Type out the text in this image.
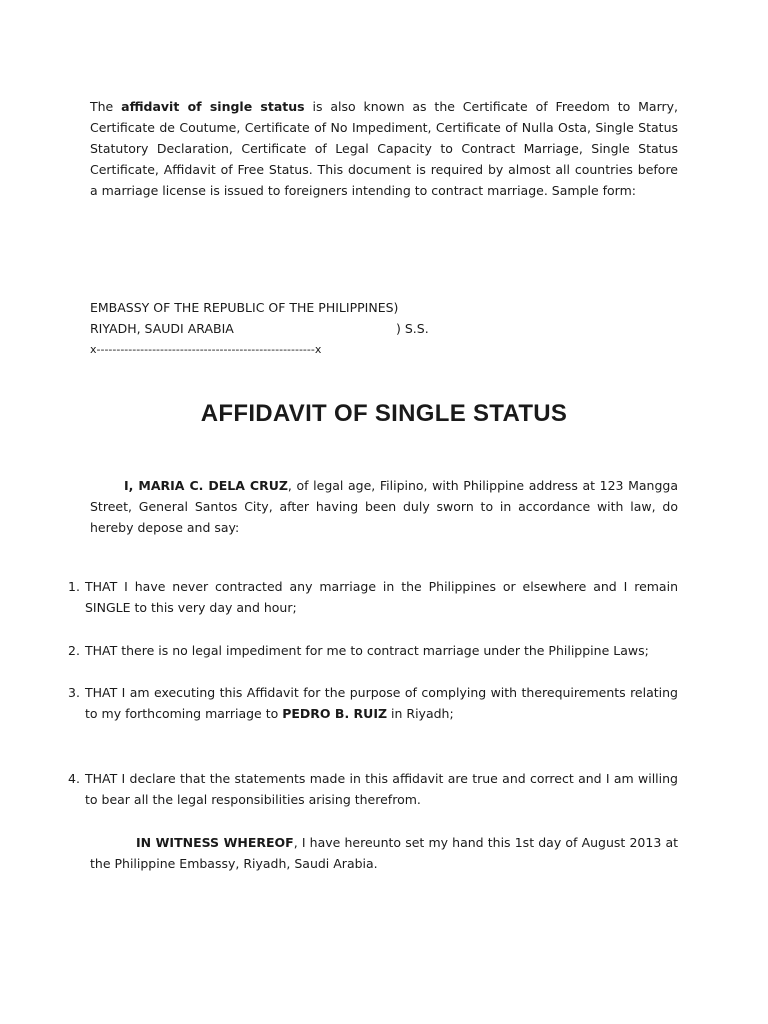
The affidavit of single status is also known as the Certificate of Freedom to Marry, Certificate de Coutume, Certificate of No Impediment, Certificate of Nulla Osta, Single Status Statutory Declaration, Certificate of Legal Capacity to Contract Marriage, Single Status Certificate, Affidavit of Free Status. This document is required by almost all countries before a marriage license is issued to foreigners intending to contract marriage. Sample form:

EMBASSY OF THE REPUBLIC OF THE PHILIPPINES)

RIYADH, SAUDI ARABIA	) S.S.

x-------------------------------------------------------x

AFFIDAVIT OF SINGLE STATUS

I, MARIA C. DELA CRUZ, of legal age, Filipino, with Philippine address at 123 Mangga Street, General Santos City, after having been duly sworn to in accordance with law, do hereby depose and say:

1. THAT I have never contracted any marriage in the Philippines or elsewhere and I remain SINGLE to this very day and hour;
2. THAT there is no legal impediment for me to contract marriage under the Philippine Laws;
3. THAT I am executing this Affidavit for the purpose of complying with therequirements relating to my forthcoming marriage to PEDRO B. RUIZ in Riyadh;
4. THAT I declare that the statements made in this affidavit are true and correct and I am willing to bear all the legal responsibilities arising therefrom.

IN WITNESS WHEREOF, I have hereunto set my hand this 1st day of August 2013 at the Philippine Embassy, Riyadh, Saudi Arabia.
